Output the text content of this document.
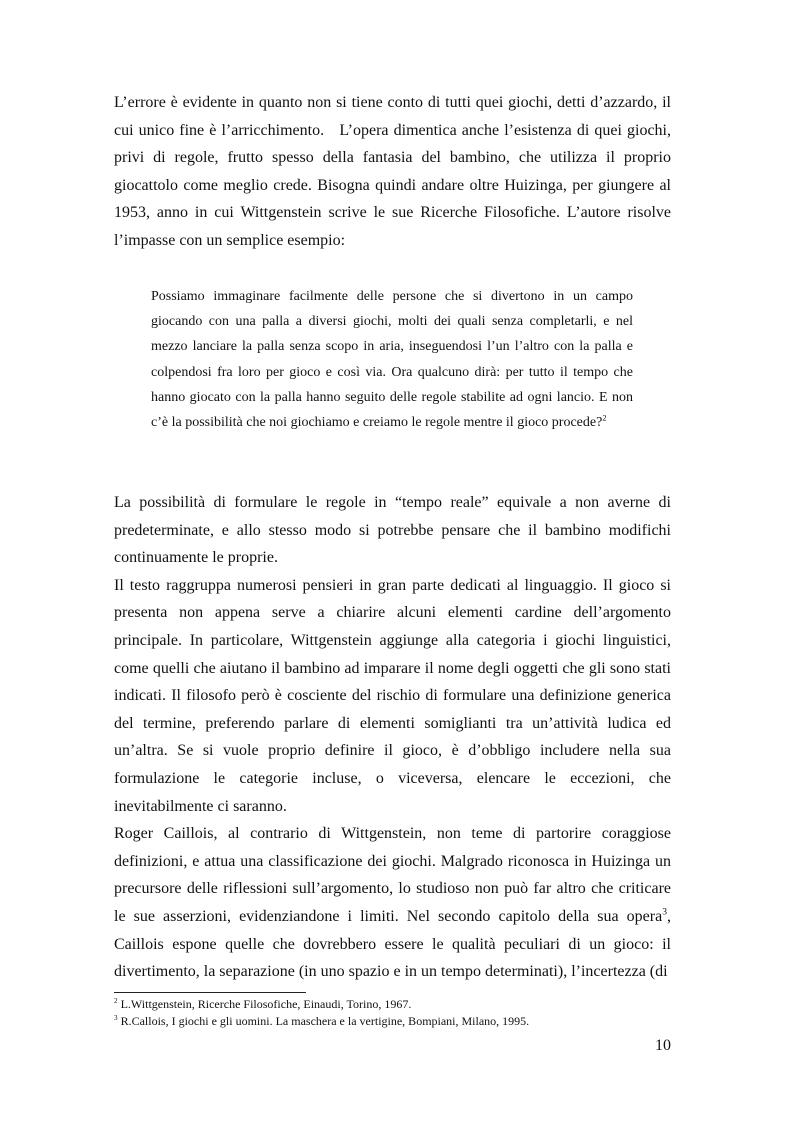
L’errore è evidente in quanto non si tiene conto di tutti quei giochi, detti d’azzardo, il cui unico fine è l’arricchimento.   L’opera dimentica anche l’esistenza di quei giochi, privi di regole, frutto spesso della fantasia del bambino, che utilizza il proprio giocattolo come meglio crede. Bisogna quindi andare oltre Huizinga, per giungere al 1953, anno in cui Wittgenstein scrive le sue Ricerche Filosofiche. L’autore risolve l’impasse con un semplice esempio:

Possiamo immaginare facilmente delle persone che si divertono in un campo giocando con una palla a diversi giochi, molti dei quali senza completarli, e nel mezzo lanciare la palla senza scopo in aria, inseguendosi l’un l’altro con la palla e colpendosi fra loro per gioco e così via. Ora qualcuno dirà: per tutto il tempo che hanno giocato con la palla hanno seguito delle regole stabilite ad ogni lancio. E non c’è la possibilità che noi giochiamo e creiamo le regole mentre il gioco procede?$^2$

La possibilità di formulare le regole in “tempo reale” equivale a non averne di predeterminate, e allo stesso modo si potrebbe pensare che il bambino modifichi continuamente le proprie.

Il testo raggruppa numerosi pensieri in gran parte dedicati al linguaggio. Il gioco si presenta non appena serve a chiarire alcuni elementi cardine dell’argomento principale. In particolare, Wittgenstein aggiunge alla categoria i giochi linguistici, come quelli che aiutano il bambino ad imparare il nome degli oggetti che gli sono stati indicati. Il filosofo però è cosciente del rischio di formulare una definizione generica del termine, preferendo parlare di elementi somiglianti tra un’attività ludica ed un’altra. Se si vuole proprio definire il gioco, è d’obbligo includere nella sua formulazione le categorie incluse, o viceversa, elencare le eccezioni, che inevitabilmente ci saranno.

Roger Caillois, al contrario di Wittgenstein, non teme di partorire coraggiose definizioni, e attua una classificazione dei giochi. Malgrado riconosca in Huizinga un precursore delle riflessioni sull’argomento, lo studioso non può far altro che criticare le sue asserzioni, evidenziandone i limiti. Nel secondo capitolo della sua opera$^3$, Caillois espone quelle che dovrebbero essere le qualità peculiari di un gioco: il divertimento, la separazione (in uno spazio e in un tempo determinati), l’incertezza (di

$^2$ L.Wittgenstein, Ricerche Filosofiche, Einaudi, Torino, 1967.
$^3$ R.Callois, I giochi e gli uomini. La maschera e la vertigine, Bompiani, Milano, 1995.
10
